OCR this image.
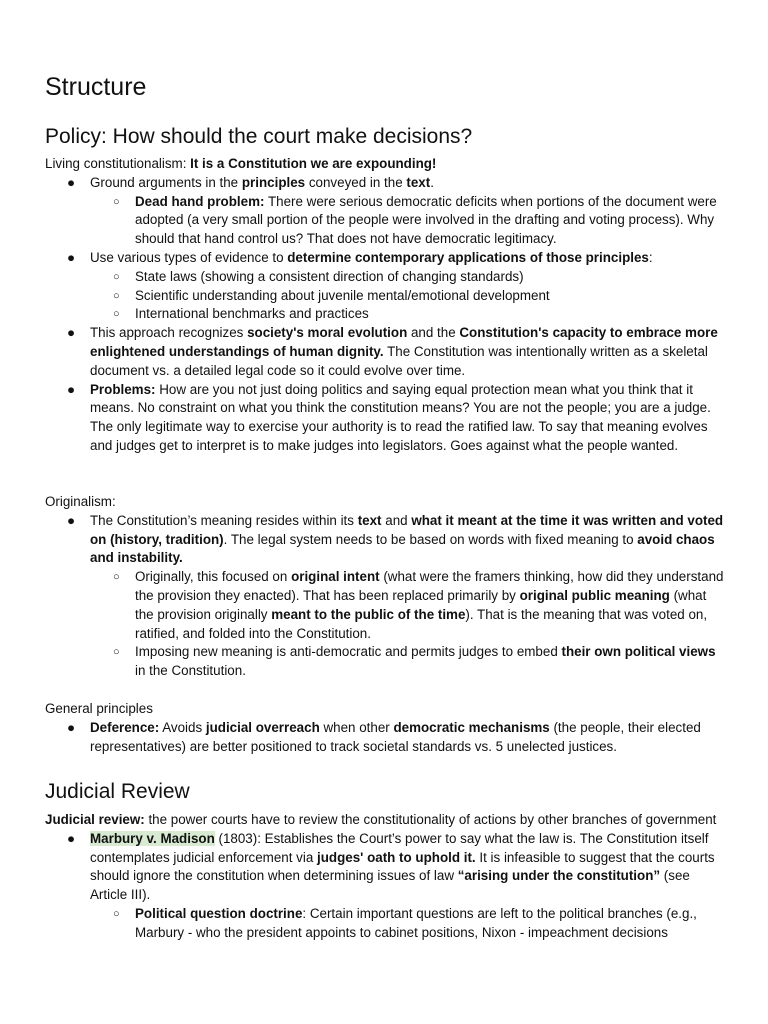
Structure
Policy: How should the court make decisions?

Living constitutionalism: It is a Constitution we are expounding!

● Ground arguments in the principles conveyed in the text.
○ Dead hand problem: There were serious democratic deficits when portions of the document were adopted (a very small portion of the people were involved in the drafting and voting process). Why should that hand control us? That does not have democratic legitimacy.
● Use various types of evidence to determine contemporary applications of those principles:
○ State laws (showing a consistent direction of changing standards)
○ Scientific understanding about juvenile mental/emotional development
○ International benchmarks and practices
● This approach recognizes society's moral evolution and the Constitution's capacity to embrace more enlightened understandings of human dignity. The Constitution was intentionally written as a skeletal document vs. a detailed legal code so it could evolve over time.
● Problems: How are you not just doing politics and saying equal protection mean what you think that it means. No constraint on what you think the constitution means? You are not the people; you are a judge. The only legitimate way to exercise your authority is to read the ratified law. To say that meaning evolves and judges get to interpret is to make judges into legislators. Goes against what the people wanted.

Originalism:

● The Constitution’s meaning resides within its text and what it meant at the time it was written and voted on (history, tradition). The legal system needs to be based on words with fixed meaning to avoid chaos and instability.
○ Originally, this focused on original intent (what were the framers thinking, how did they understand the provision they enacted). That has been replaced primarily by original public meaning (what the provision originally meant to the public of the time). That is the meaning that was voted on, ratified, and folded into the Constitution.
○ Imposing new meaning is anti-democratic and permits judges to embed their own political views in the Constitution.

General principles

● Deference: Avoids judicial overreach when other democratic mechanisms (the people, their elected representatives) are better positioned to track societal standards vs. 5 unelected justices.
Judicial Review

Judicial review: the power courts have to review the constitutionality of actions by other branches of government

● Marbury v. Madison (1803): Establishes the Court’s power to say what the law is. The Constitution itself contemplates judicial enforcement via judges' oath to uphold it. It is infeasible to suggest that the courts should ignore the constitution when determining issues of law “arising under the constitution” (see Article III).
○ Political question doctrine: Certain important questions are left to the political branches (e.g., Marbury - who the president appoints to cabinet positions, Nixon - impeachment decisions
